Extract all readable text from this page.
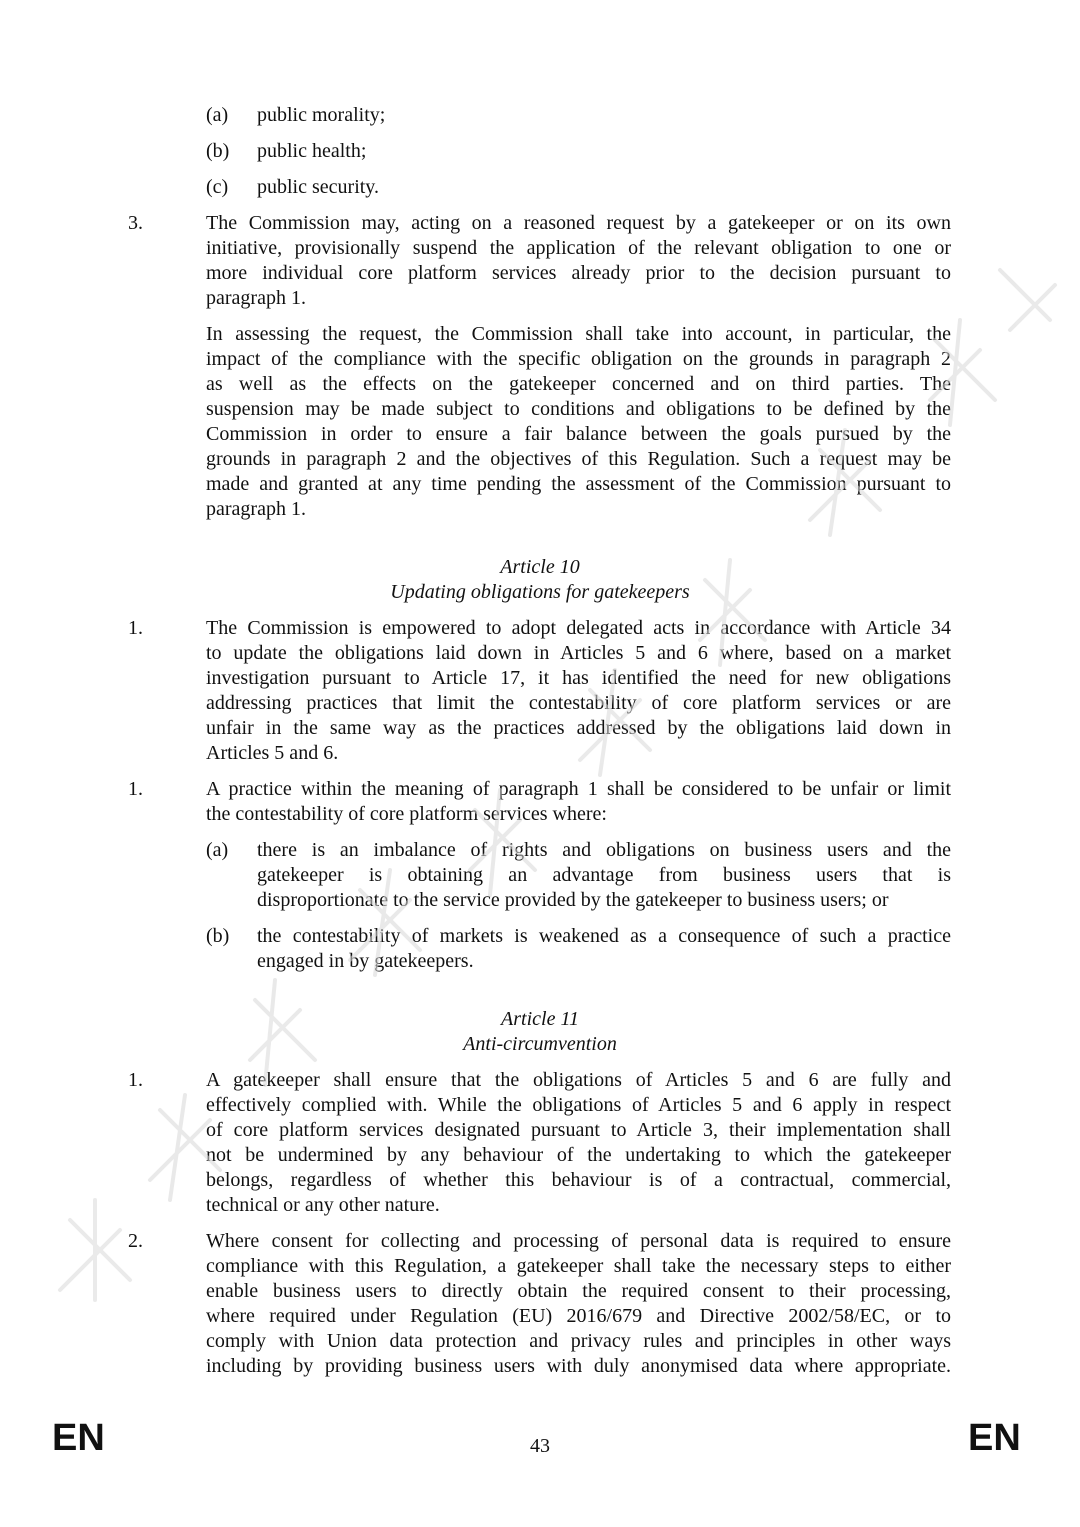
(a) public morality;
(b) public health;
(c) public security.
3.	The Commission may, acting on a reasoned request by a gatekeeper or on its own
initiative, provisionally suspend the application of the relevant obligation to one or
more individual core platform services already prior to the decision pursuant to
paragraph 1.
In assessing the request, the Commission shall take into account, in particular, the
impact of the compliance with the specific obligation on the grounds in paragraph 2
as well as the effects on the gatekeeper concerned and on third parties. The
suspension may be made subject to conditions and obligations to be defined by the
Commission in order to ensure a fair balance between the goals pursued by the
grounds in paragraph 2 and the objectives of this Regulation. Such a request may be
made and granted at any time pending the assessment of the Commission pursuant to
paragraph 1.
Article 10
Updating obligations for gatekeepers
1.	The Commission is empowered to adopt delegated acts in accordance with Article 34
to update the obligations laid down in Articles 5 and 6 where, based on a market
investigation pursuant to Article 17, it has identified the need for new obligations
addressing practices that limit the contestability of core platform services or are
unfair in the same way as the practices addressed by the obligations laid down in
Articles 5 and 6.
1.	A practice within the meaning of paragraph 1 shall be considered to be unfair or limit
the contestability of core platform services where:
(a) there is an imbalance of rights and obligations on business users and the
gatekeeper is obtaining an advantage from business users that is
disproportionate to the service provided by the gatekeeper to business users; or
(b) the contestability of markets is weakened as a consequence of such a practice
engaged in by gatekeepers.
Article 11
Anti-circumvention
1.	A gatekeeper shall ensure that the obligations of Articles 5 and 6 are fully and
effectively complied with. While the obligations of Articles 5 and 6 apply in respect
of core platform services designated pursuant to Article 3, their implementation shall
not be undermined by any behaviour of the undertaking to which the gatekeeper
belongs, regardless of whether this behaviour is of a contractual, commercial,
technical or any other nature.
2.	Where consent for collecting and processing of personal data is required to ensure
compliance with this Regulation, a gatekeeper shall take the necessary steps to either
enable business users to directly obtain the required consent to their processing,
where required under Regulation (EU) 2016/679 and Directive 2002/58/EC, or to
comply with Union data protection and privacy rules and principles in other ways
including by providing business users with duly anonymised data where appropriate.
EN	43	EN
